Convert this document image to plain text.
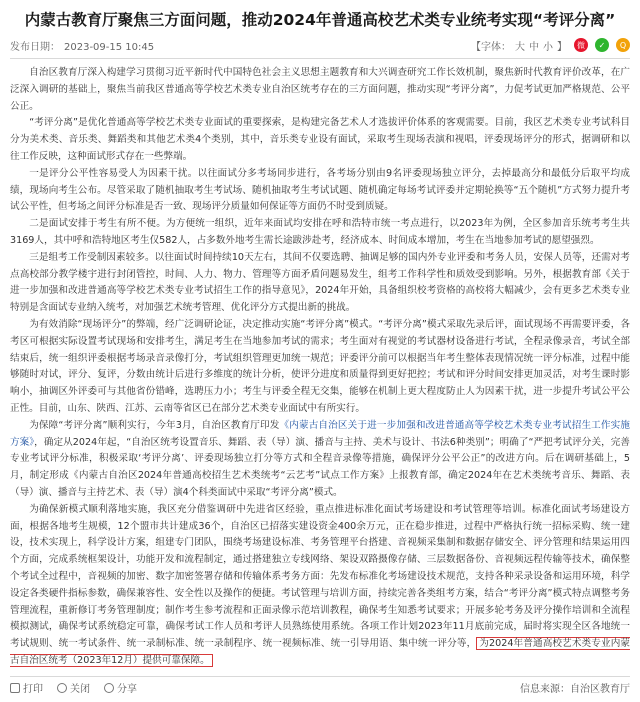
内蒙古教育厅聚焦三方面问题，推动2024年普通高校艺术类专业统考实现“考评分离”
发布日期： 2023-09-15 10:45	【字体： 大 中 小 】	微	✓	Q

自治区教育厅深入构建学习贯彻习近平新时代中国特色社会主义思想主题教育和大兴调查研究工作长效机制，聚焦新时代教育评价改革，在广泛深入调研的基础上，聚焦当前我区普通高等学校艺术类专业自治区统考存在的三方面问题，推动实现“考评分离”，力促考试更加严格规范、公平公正。

“考评分离”是优化普通高等学校艺术类专业面试的重要探索，是构建完备艺术人才选拔评价体系的客观需要。目前，我区艺术类专业考试科目分为美术类、音乐类、舞蹈类和其他艺术类4个类别，其中，音乐类专业设有面试，采取考生现场表演和视唱，评委现场评分的形式，据调研和以往工作反映，这种面试形式存在一些弊端。

一是评分公平性容易受人为因素干扰。以往面试分多考场同步进行，各考场分别由9名评委现场独立评分，去掉最高分和最低分后取平均成绩，现场向考生公布。尽管采取了随机抽取考生考试场、随机抽取考生考试试题、随机确定每场考试评委并定期轮换等“五个随机”方式努力提升考试公平性，但考场之间评分标准是否一致、现场评分质量如何保证等方面仍不时受到质疑。

二是面试安排于考生有所不便。为方便统一组织，近年来面试均安排在呼和浩特市统一考点进行，以2023年为例，全区参加音乐统考考生共3169人，其中呼和浩特地区考生仅582人，占多数外地考生需长途跋涉赴考，经济成本、时间成本增加，考生在当地参加考试的愿望强烈。

三是组考工作受制因素较多。以往面试时间持续10天左右，其间不仅要选聘、抽调足够的国内外专业评委和考务人员，安保人员等，还需对考点高校部分教学楼宇进行封闭管控，时间、人力、物力、管理等方面矛盾问题易发生，组考工作科学性和质效受到影响。另外，根据教育部《关于进一步加强和改进普通高等学校艺术类专业考试招生工作的指导意见》，2024年开始，具备组织校考资格的高校将大幅减少，会有更多艺术类专业特别是含面试专业纳入统考，对加强艺术统考管理、优化评分方式提出新的挑战。

为有效消除“现场评分”的弊端，经广泛调研论证，决定推动实施“考评分离”模式。“考评分离”模式采取先录后评，面试现场不再需要评委，各考区可根据实际设置考试现场和安排考生，满足考生在当地参加考试的需求；考生面对有视觉的考试器材设备进行考试，全程录像录音，考试全部结束后，统一组织评委根据考场录音录像打分，考试组织管理更加统一规范；评委评分前可以根据当年考生整体表现情况统一评分标准，过程中能够随时对试，评分、复评，分数由统计后进行多维度的统计分析，使评分进度和质量得到更好把控；考试和评分时间安排更加灵活，对考生课时影响小，抽调区外评委可与其他省份错峰，选聘压力小；考生与评委全程无交集，能够在机制上更大程度防止人为因素干扰，进一步提升考试公平公正性。目前，山东、陕西、江苏、云南等省区已在部分艺术类专业面试中有所实行。

为保障“考评分离”顺利实行，今年3月，自治区教育厅印发《内蒙古自治区关于进一步加强和改进普通高等学校艺术类专业考试招生工作实施方案》，确定从2024年起，“自治区统考设置音乐、舞蹈、表（导）演、播音与主持、美术与设计、书法6种类别”；明确了“严把考试评分关，完善专业考试评分标准，积极采取‘考评分离’、评委现场独立打分等方式和全程音录像等措施，确保评分公平公正”的改进方向。后在调研基础上，5月，制定形成《内蒙古自治区2024年普通高校招生艺术类统考“云艺考”试点工作方案》上报教育部，确定2024年在艺术类统考音乐、舞蹈、表（导）演、播音与主持艺术、表（导）演4个科类面试中采取“考评分离”模式。

为确保新模式顺利落地实施，我区充分借鉴调研中先进省区经验，重点推进标准化面试考场建设和考试管理等培训。标准化面试考场建设方面，根据各地考生规模，12个盟市共计建成36个，自治区已招落实建设资金400余万元，正在稳步推进，过程中严格执行统一招标采购、统一建设，技术实现上，科学设计方案，组建专门团队，围绕考场建设标准、考务管理平台搭建、音视频采集制和数据存储安全、评分管理和结果运用四个方面，完成系统框架设计，功能开发和流程制定，通过搭建独立专线网络、架设双路摄像存储、三层数据备份、音视频远程传输等技术，确保整个考试全过程中，音视频的加密、数字加密签署存储和传输体系考务方面：先发布标准化考场建设技术规范，支持各种采录设备和运用环境，科学设定各类硬件指标参数，确保兼容性、安全性以及操作的便捷。考试管理与培训方面，持续完善各类组考方案，结合“考评分离”模式特点调整考务管理流程，重新修订考务管理制度；制作考生参考流程和正面录像示范培训教程，确保考生知悉考试要求；开展多轮考务及评分操作培训和全流程模拟测试，确保考试系统稳定可靠，确保考试工作人员和考评人员熟练使用系统。各项工作计划2023年11月底前完成，届时将实现全区各地统一考试规则、统一考试条件、统一录制标准、统一录制程序、统一视频标准、统一引导用语、集中统一评分等， 为2024年普通高校艺术类专业内蒙古自治区统考（2023年12月）提供可靠保障。

打印	关闭	分享	信息来源：自治区教育厅
